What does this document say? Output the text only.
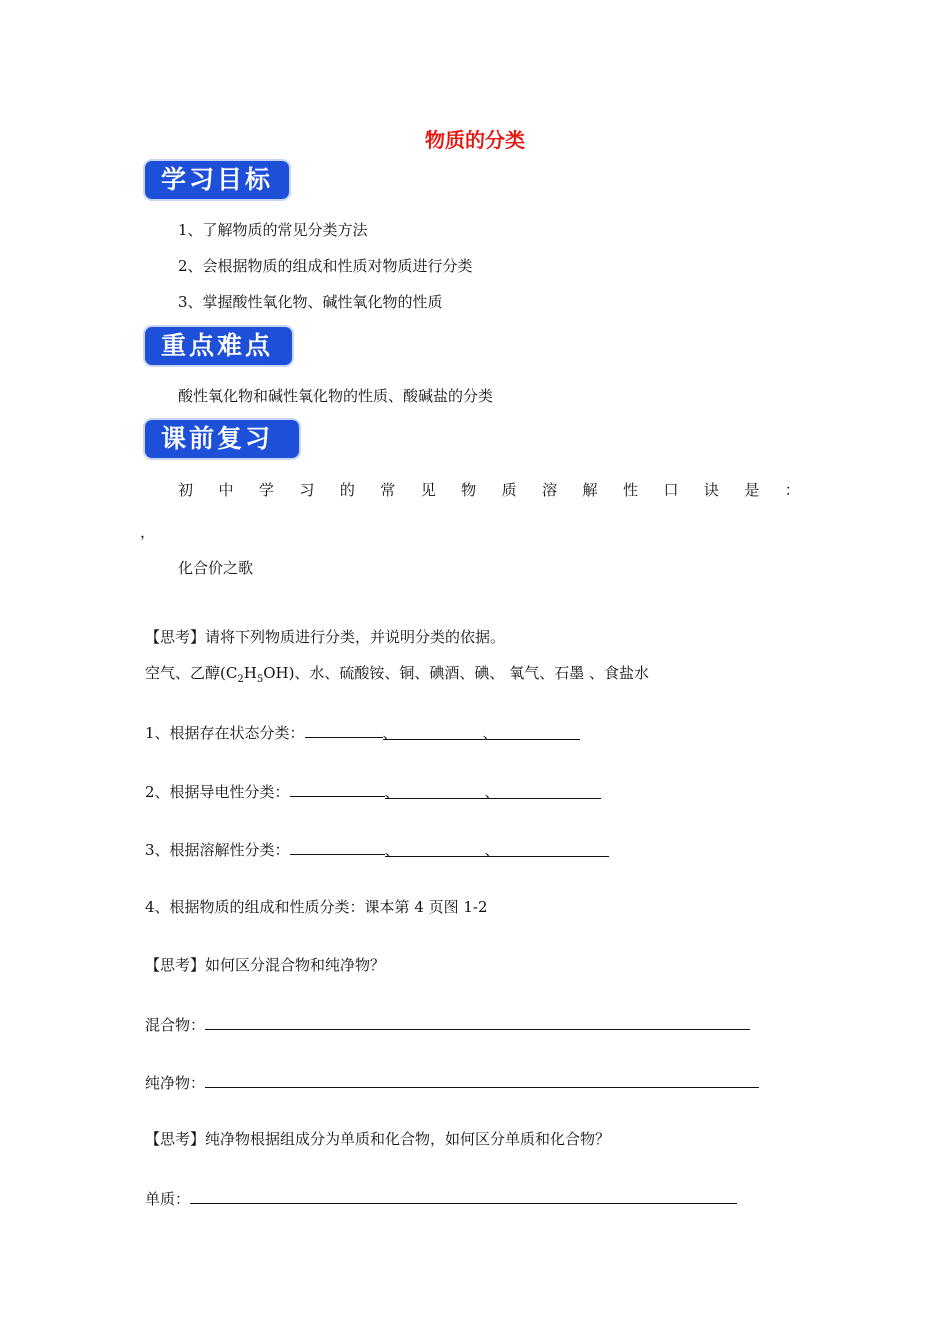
物质的分类
学习目标
1、了解物质的常见分类方法
2、会根据物质的组成和性质对物质进行分类
3、掌握酸性氧化物、碱性氧化物的性质
重点难点
酸性氧化物和碱性氧化物的性质、酸碱盐的分类
课前复习
初 中 学 习 的 常 见 物 质 溶 解 性 口 诀 是 ：
，
化合价之歌
【思考】请将下列物质进行分类，并说明分类的依据。
空气、乙醇$(C_2H_5OH)$、水、硫酸铵、铜、碘酒、碘、 氧气、石墨 、食盐水
1、根据存在状态分类：	、	、
2、根据导电性分类：	、	、
3、根据溶解性分类：	、	、
4、根据物质的组成和性质分类：课本第 4 页图 1-2
【思考】如何区分混合物和纯净物？
混合物：
纯净物：
【思考】纯净物根据组成分为单质和化合物，如何区分单质和化合物？
单质：
